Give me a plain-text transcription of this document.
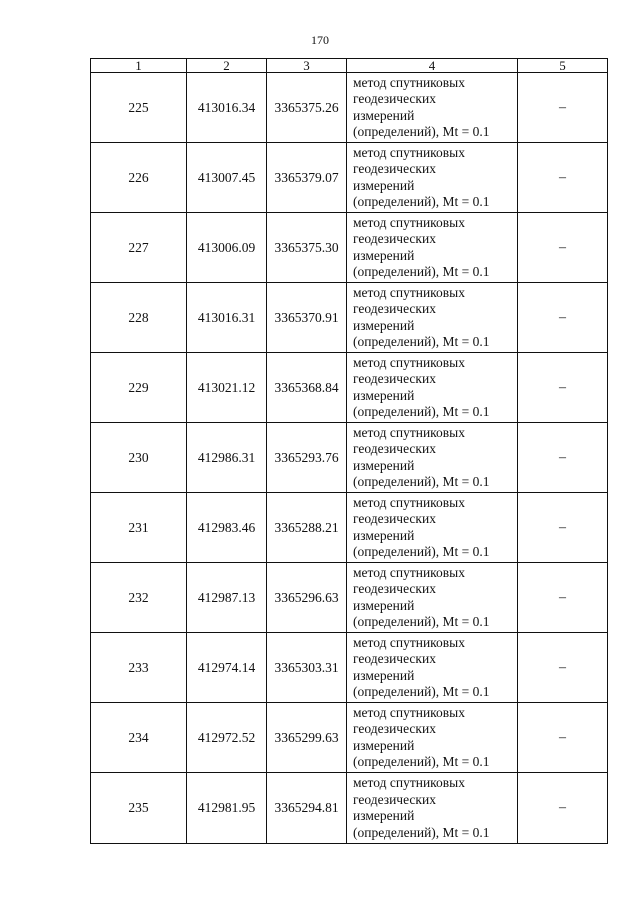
170
1	2	3	4	5
225	413016.34	3365375.26	метод спутниковых
геодезических
измерений
(определений), Mt = 0.1	–
226	413007.45	3365379.07	метод спутниковых
геодезических
измерений
(определений), Mt = 0.1	–
227	413006.09	3365375.30	метод спутниковых
геодезических
измерений
(определений), Mt = 0.1	–
228	413016.31	3365370.91	метод спутниковых
геодезических
измерений
(определений), Mt = 0.1	–
229	413021.12	3365368.84	метод спутниковых
геодезических
измерений
(определений), Mt = 0.1	–
230	412986.31	3365293.76	метод спутниковых
геодезических
измерений
(определений), Mt = 0.1	–
231	412983.46	3365288.21	метод спутниковых
геодезических
измерений
(определений), Mt = 0.1	–
232	412987.13	3365296.63	метод спутниковых
геодезических
измерений
(определений), Mt = 0.1	–
233	412974.14	3365303.31	метод спутниковых
геодезических
измерений
(определений), Mt = 0.1	–
234	412972.52	3365299.63	метод спутниковых
геодезических
измерений
(определений), Mt = 0.1	–
235	412981.95	3365294.81	метод спутниковых
геодезических
измерений
(определений), Mt = 0.1	–
